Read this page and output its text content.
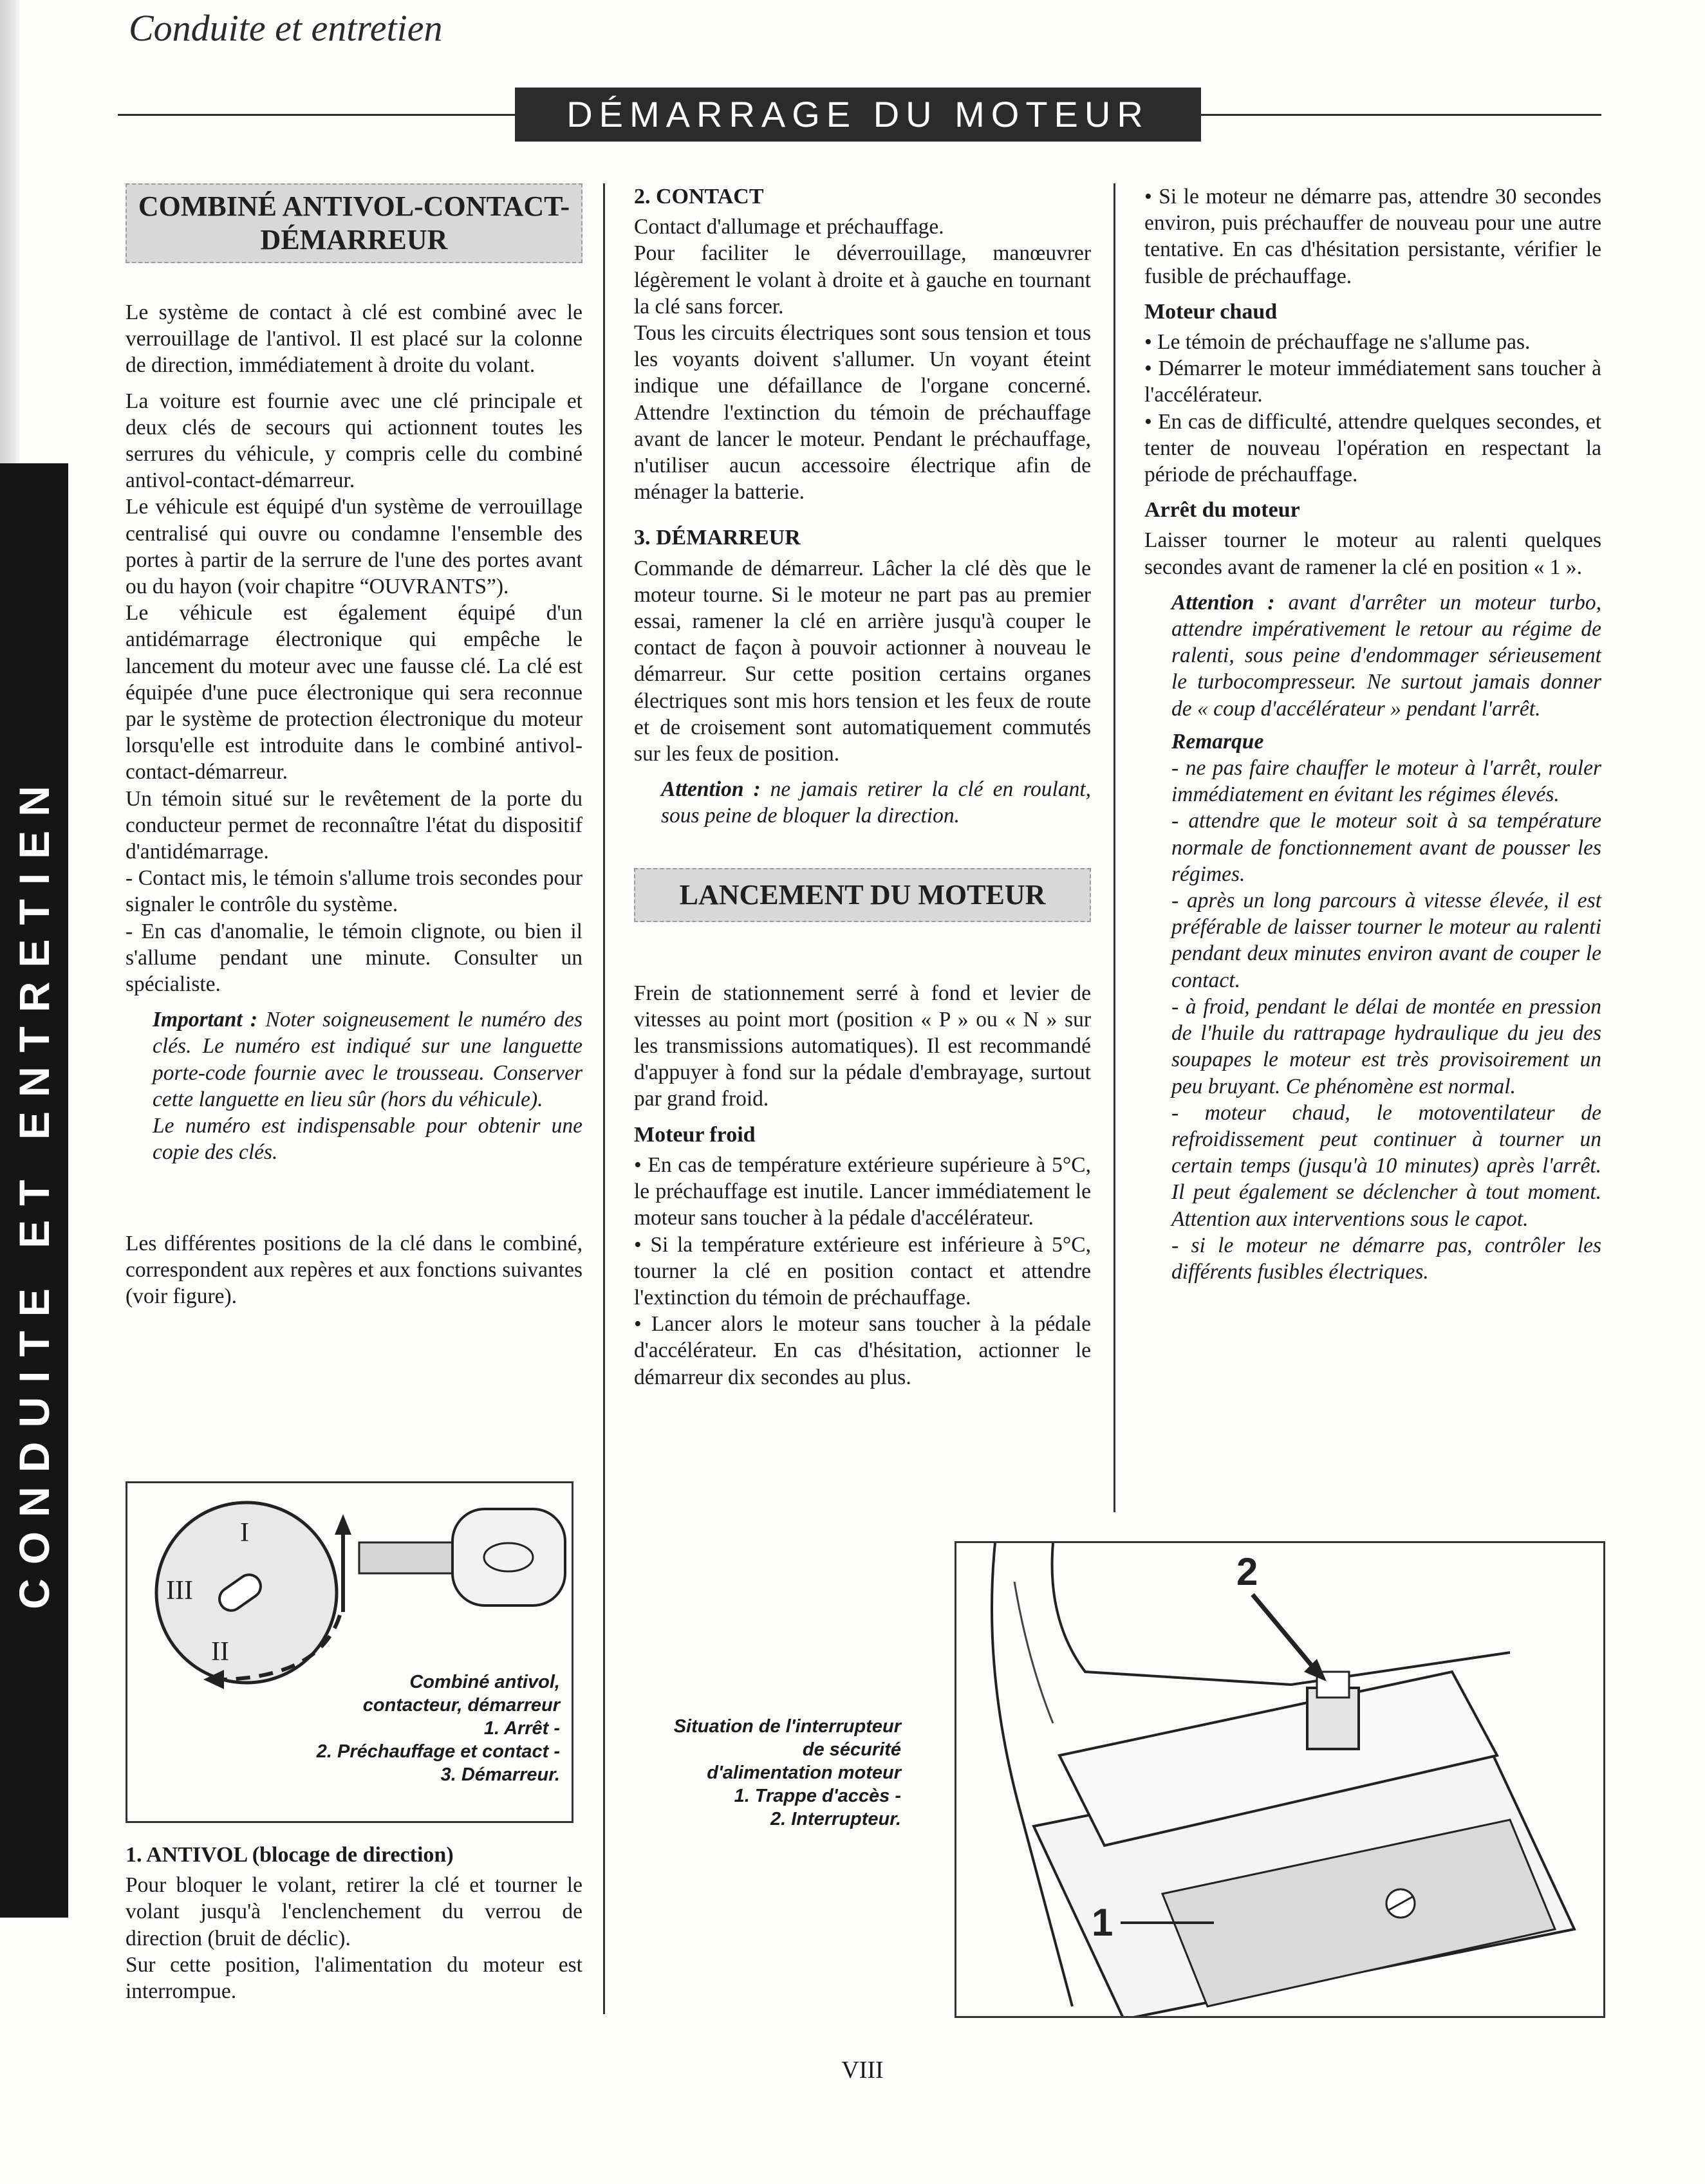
Conduite et entretien
DÉMARRAGE DU MOTEUR
CONDUITE ET ENTRETIEN
COMBINÉ ANTIVOL-CONTACT-DÉMARREUR

Le système de contact à clé est combiné avec le verrouillage de l'antivol. Il est placé sur la colonne de direction, immédiatement à droite du volant.

La voiture est fournie avec une clé principale et deux clés de secours qui actionnent toutes les serrures du véhicule, y compris celle du combiné antivol-contact-démarreur.

Le véhicule est équipé d'un système de verrouillage centralisé qui ouvre ou condamne l'ensemble des portes à partir de la serrure de l'une des portes avant ou du hayon (voir chapitre “OUVRANTS”).

Le véhicule est également équipé d'un antidémarrage électronique qui empêche le lancement du moteur avec une fausse clé. La clé est équipée d'une puce électronique qui sera reconnue par le système de protection électronique du moteur lorsqu'elle est introduite dans le combiné antivol-contact-démarreur.

Un témoin situé sur le revêtement de la porte du conducteur permet de reconnaître l'état du dispositif d'antidémarrage.

- Contact mis, le témoin s'allume trois secondes pour signaler le contrôle du système.

- En cas d'anomalie, le témoin clignote, ou bien il s'allume pendant une minute. Consulter un spécialiste.

Important : Noter soigneusement le numéro des clés. Le numéro est indiqué sur une languette porte-code fournie avec le trousseau. Conserver cette languette en lieu sûr (hors du véhicule).
Le numéro est indispensable pour obtenir une copie des clés.

Les différentes positions de la clé dans le combiné, correspondent aux repères et aux fonctions suivantes (voir figure).

III
II
I
Combiné antivol,
contacteur, démarreur
1. Arrêt -
2. Préchauffage et contact -
3. Démarreur.
1. ANTIVOL (blocage de direction)

Pour bloquer le volant, retirer la clé et tourner le volant jusqu'à l'enclenchement du verrou de direction (bruit de déclic).

Sur cette position, l'alimentation du moteur est interrompue.

2. CONTACT

Contact d'allumage et préchauffage.

Pour faciliter le déverrouillage, manœuvrer légèrement le volant à droite et à gauche en tournant la clé sans forcer.

Tous les circuits électriques sont sous tension et tous les voyants doivent s'allumer. Un voyant éteint indique une défaillance de l'organe concerné. Attendre l'extinction du témoin de préchauffage avant de lancer le moteur. Pendant le préchauffage, n'utiliser aucun accessoire électrique afin de ménager la batterie.

3. DÉMARREUR

Commande de démarreur. Lâcher la clé dès que le moteur tourne. Si le moteur ne part pas au premier essai, ramener la clé en arrière jusqu'à couper le contact de façon à pouvoir actionner à nouveau le démarreur. Sur cette position certains organes électriques sont mis hors tension et les feux de route et de croisement sont automatiquement commutés sur les feux de position.

Attention : ne jamais retirer la clé en roulant, sous peine de bloquer la direction.
LANCEMENT DU MOTEUR

Frein de stationnement serré à fond et levier de vitesses au point mort (position « P » ou « N » sur les transmissions automatiques). Il est recommandé d'appuyer à fond sur la pédale d'embrayage, surtout par grand froid.

Moteur froid

• En cas de température extérieure supérieure à 5°C, le préchauffage est inutile. Lancer immédiatement le moteur sans toucher à la pédale d'accélérateur.

• Si la température extérieure est inférieure à 5°C, tourner la clé en position contact et attendre l'extinction du témoin de préchauffage.

• Lancer alors le moteur sans toucher à la pédale d'accélérateur. En cas d'hésitation, actionner le démarreur dix secondes au plus.

Situation de l'interrupteur
de sécurité
d'alimentation moteur
1. Trappe d'accès -
2. Interrupteur.

• Si le moteur ne démarre pas, attendre 30 secondes environ, puis préchauffer de nouveau pour une autre tentative. En cas d'hésitation persistante, vérifier le fusible de préchauffage.

Moteur chaud

• Le témoin de préchauffage ne s'allume pas.

• Démarrer le moteur immédiatement sans toucher à l'accélérateur.

• En cas de difficulté, attendre quelques secondes, et tenter de nouveau l'opération en respectant la période de préchauffage.

Arrêt du moteur

Laisser tourner le moteur au ralenti quelques secondes avant de ramener la clé en position « 1 ».

Attention : avant d'arrêter un moteur turbo, attendre impérativement le retour au régime de ralenti, sous peine d'endommager sérieusement le turbocompresseur. Ne surtout jamais donner de « coup d'accélérateur » pendant l'arrêt.
Remarque
- ne pas faire chauffer le moteur à l'arrêt, rouler immédiatement en évitant les régimes élevés.
- attendre que le moteur soit à sa température normale de fonctionnement avant de pousser les régimes.
- après un long parcours à vitesse élevée, il est préférable de laisser tourner le moteur au ralenti pendant deux minutes environ avant de couper le contact.
- à froid, pendant le délai de montée en pression de l'huile du rattrapage hydraulique du jeu des soupapes le moteur est très provisoirement un peu bruyant. Ce phénomène est normal.
- moteur chaud, le motoventilateur de refroidissement peut continuer à tourner un certain temps (jusqu'à 10 minutes) après l'arrêt. Il peut également se déclencher à tout moment. Attention aux interventions sous le capot.
- si le moteur ne démarre pas, contrôler les différents fusibles électriques.
2
1
VIII
